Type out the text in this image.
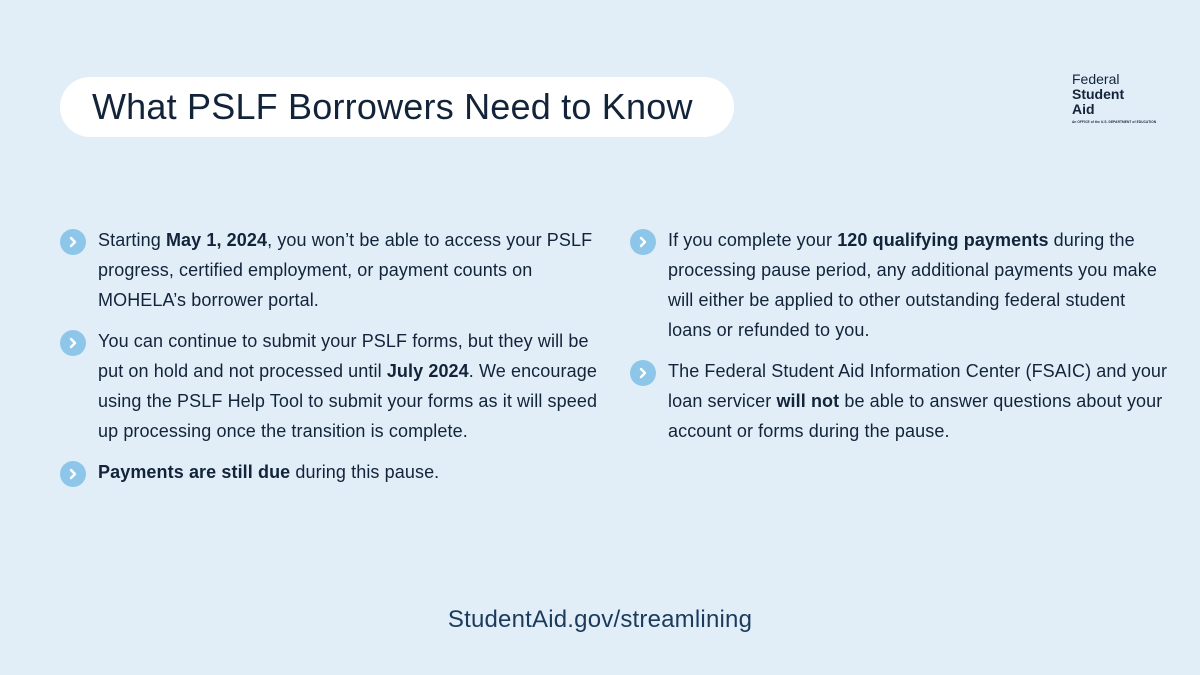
What PSLF Borrowers Need to Know
Federal
Student
Aid
An OFFICE of the U.S. DEPARTMENT of EDUCATION
Starting May 1, 2024, you won’t be able to access your PSLF progress, certified employment, or payment counts on MOHELA’s borrower portal.
You can continue to submit your PSLF forms, but they will be put on hold and not processed until July 2024. We encourage using the PSLF Help Tool to submit your forms as it will speed up processing once the transition is complete.
Payments are still due during this pause.
If you complete your 120 qualifying payments during the processing pause period, any additional payments you make will either be applied to other outstanding federal student loans or refunded to you.
The Federal Student Aid Information Center (FSAIC) and your loan servicer will not be able to answer questions about your account or forms during the pause.
StudentAid.gov/streamlining
